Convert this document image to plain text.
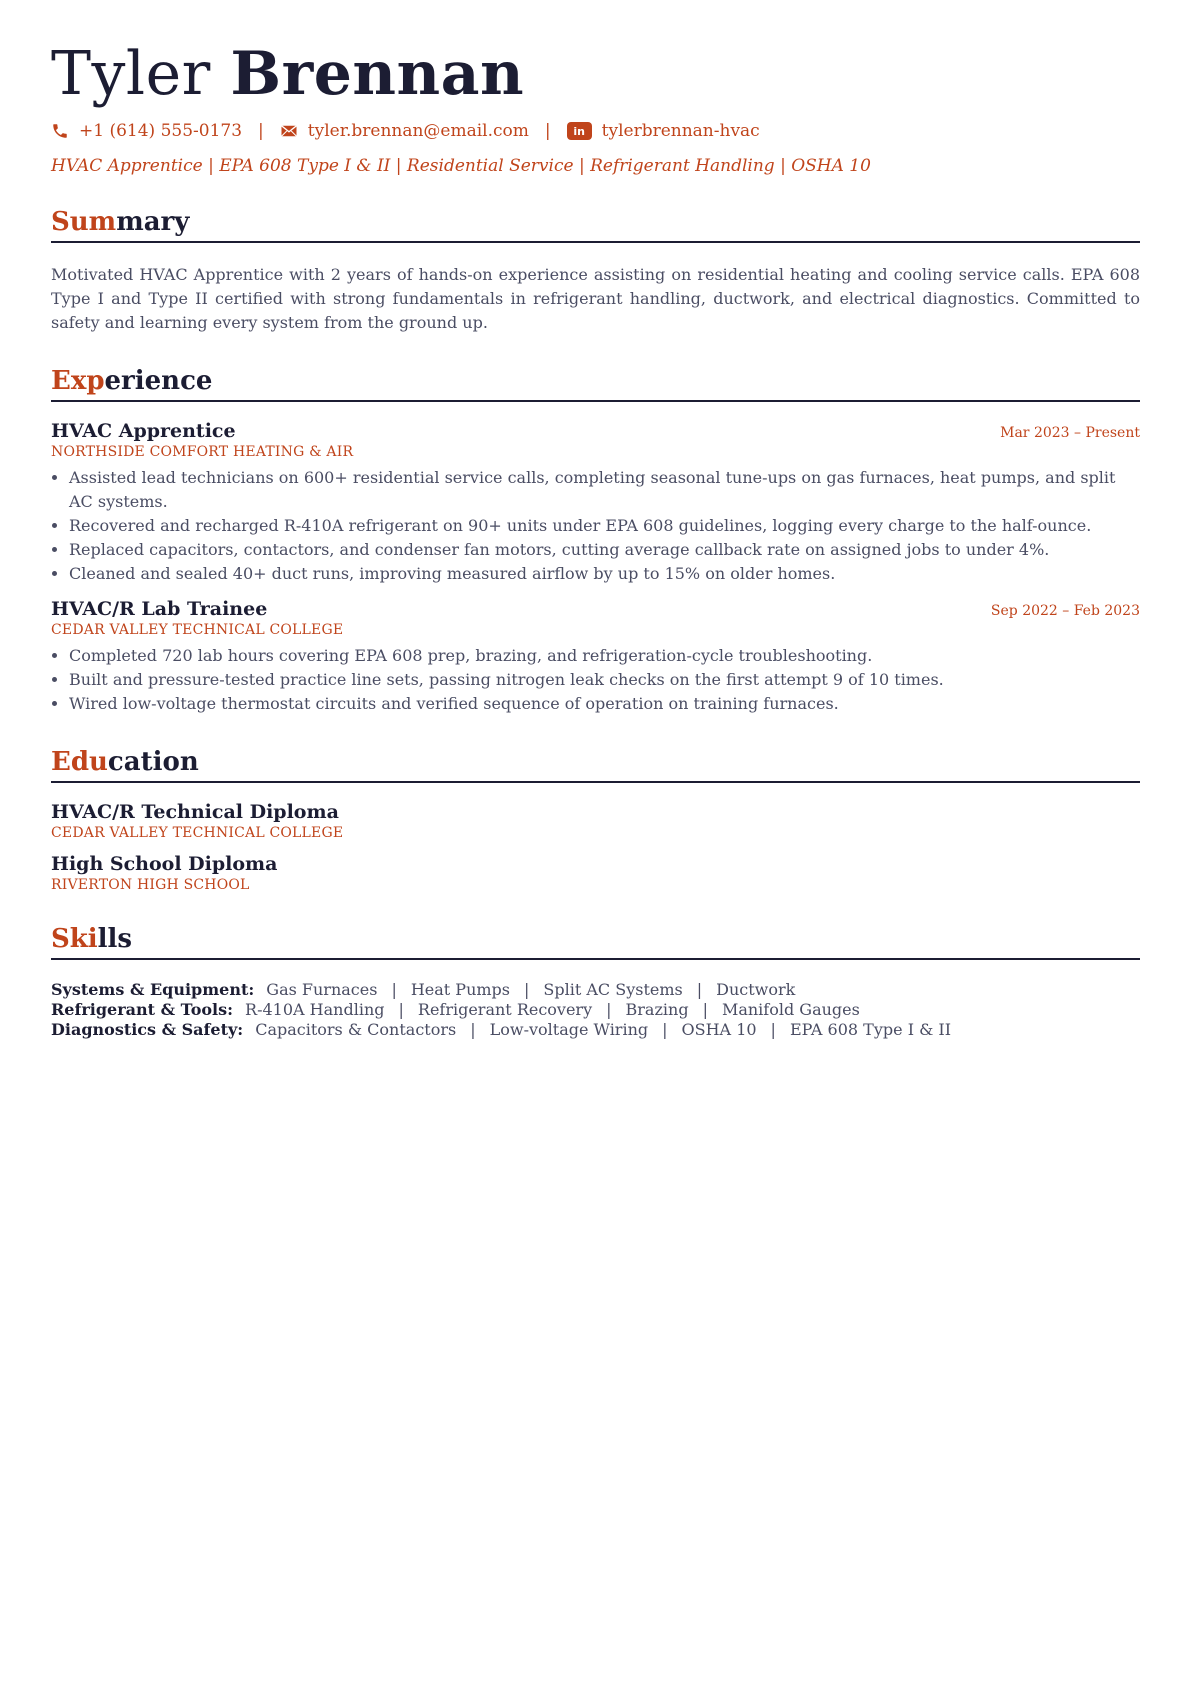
Tyler Brennan
+1 (614) 555-0173 |	tyler.brennan@email.com |	in tylerbrennan-hvac
HVAC Apprentice | EPA 608 Type I & II | Residential Service | Refrigerant Handling | OSHA 10
Summary
Motivated HVAC Apprentice with 2 years of hands-on experience assisting on residential heating and cooling service calls. EPA 608 Type I and Type II certified with strong fundamentals in refrigerant handling, ductwork, and electrical diagnostics. Committed to safety and learning every system from the ground up.
Experience
HVAC Apprentice	Mar 2023 – Present
NORTHSIDE COMFORT HEATING & AIR
• Assisted lead technicians on 600+ residential service calls, completing seasonal tune-ups on gas furnaces, heat pumps, and split AC systems.
• Recovered and recharged R-410A refrigerant on 90+ units under EPA 608 guidelines, logging every charge to the half-ounce.
• Replaced capacitors, contactors, and condenser fan motors, cutting average callback rate on assigned jobs to under 4%.
• Cleaned and sealed 40+ duct runs, improving measured airflow by up to 15% on older homes.
HVAC/R Lab Trainee	Sep 2022 – Feb 2023
CEDAR VALLEY TECHNICAL COLLEGE
• Completed 720 lab hours covering EPA 608 prep, brazing, and refrigeration-cycle troubleshooting.
• Built and pressure-tested practice line sets, passing nitrogen leak checks on the first attempt 9 of 10 times.
• Wired low-voltage thermostat circuits and verified sequence of operation on training furnaces.
Education
HVAC/R Technical Diploma
CEDAR VALLEY TECHNICAL COLLEGE
High School Diploma
RIVERTON HIGH SCHOOL
Skills
Systems & Equipment: Gas Furnaces | Heat Pumps | Split AC Systems | Ductwork
Refrigerant & Tools: R-410A Handling | Refrigerant Recovery | Brazing | Manifold Gauges
Diagnostics & Safety: Capacitors & Contactors | Low-voltage Wiring | OSHA 10 | EPA 608 Type I & II
